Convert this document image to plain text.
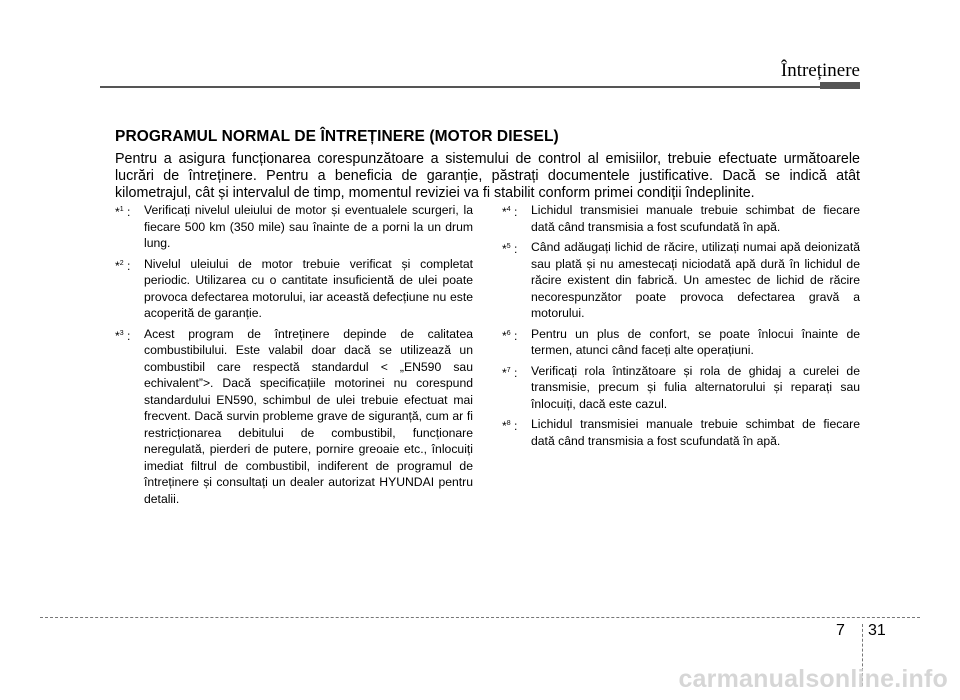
Întreținere
PROGRAMUL NORMAL DE ÎNTREȚINERE (MOTOR DIESEL)
Pentru a asigura funcționarea corespunzătoare a sistemului de control al emisiilor, trebuie efectuate următoarele lucrări de întreținere. Pentru a beneficia de garanție, păstrați documentele justificative. Dacă se indică atât kilometrajul, cât și intervalul de timp, momentul reviziei va fi stabilit conform primei condiții îndeplinite.
*$^1$ : Verificați nivelul uleiului de motor și eventualele scurgeri, la fiecare 500 km (350 mile) sau înainte de a porni la un drum lung.
*$^2$ : Nivelul uleiului de motor trebuie verificat și completat periodic. Utilizarea cu o cantitate insuficientă de ulei poate provoca defectarea motorului, iar această defecțiune nu este acoperită de garanție.
*$^3$ : Acest program de întreținere depinde de calitatea combustibilului. Este valabil doar dacă se utilizează un combustibil care respectă standardul < „EN590 sau echivalent”>. Dacă specificațiile motorinei nu corespund standardului EN590, schimbul de ulei trebuie efectuat mai frecvent. Dacă survin probleme grave de siguranță, cum ar fi restricționarea debitului de combustibil, funcționare neregulată, pierderi de putere, pornire greoaie etc., înlocuiți imediat filtrul de combustibil, indiferent de programul de întreținere și consultați un dealer autorizat HYUNDAI pentru detalii.
*$^4$ : Lichidul transmisiei manuale trebuie schimbat de fiecare dată când transmisia a fost scufundată în apă.
*$^5$ : Când adăugați lichid de răcire, utilizați numai apă deionizată sau plată și nu amestecați niciodată apă dură în lichidul de răcire existent din fabrică. Un amestec de lichid de răcire necorespunzător poate provoca defectarea gravă a motorului.
*$^6$ : Pentru un plus de confort, se poate înlocui înainte de termen, atunci când faceți alte operațiuni.
*$^7$ : Verificați rola întinzătoare și rola de ghidaj a curelei de transmisie, precum și fulia alternatorului și reparați sau înlocuiți, dacă este cazul.
*$^8$ : Lichidul transmisiei manuale trebuie schimbat de fiecare dată când transmisia a fost scufundată în apă.
7 31
carmanualsonline.info
